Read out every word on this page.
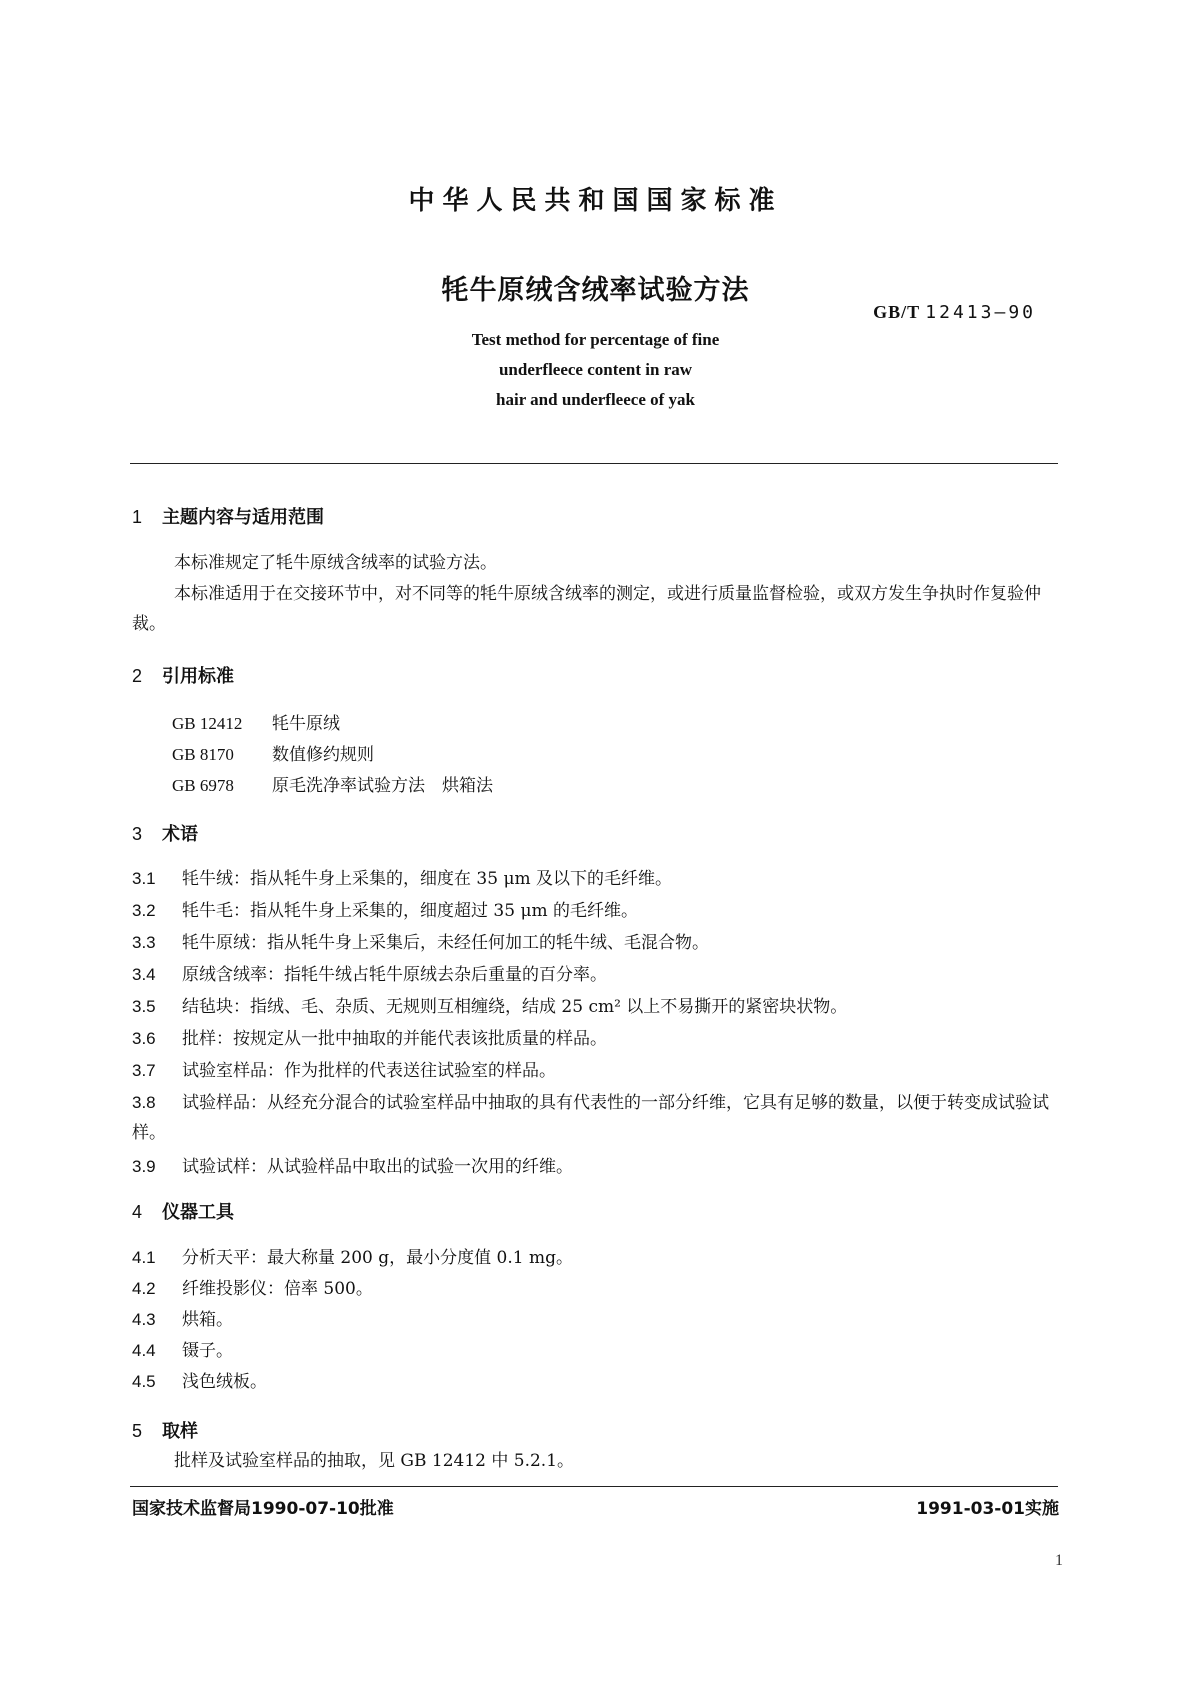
中华人民共和国国家标准
牦牛原绒含绒率试验方法
GB/T 12413—90
Test method for percentage of fine
underfleece content in raw
hair and underfleece of yak
1 主题内容与适用范围
本标准规定了牦牛原绒含绒率的试验方法。
本标准适用于在交接环节中，对不同等的牦牛原绒含绒率的测定，或进行质量监督检验，或双方发生争执时作复验仲裁。
2 引用标准
GB 12412 牦牛原绒
GB 8170 数值修约规则
GB 6978 原毛洗净率试验方法　烘箱法
3 术语
3.1 牦牛绒：指从牦牛身上采集的，细度在 35 μm 及以下的毛纤维。
3.2 牦牛毛：指从牦牛身上采集的，细度超过 35 μm 的毛纤维。
3.3 牦牛原绒：指从牦牛身上采集后，未经任何加工的牦牛绒、毛混合物。
3.4 原绒含绒率：指牦牛绒占牦牛原绒去杂后重量的百分率。
3.5 结毡块：指绒、毛、杂质、无规则互相缠绕，结成 25 cm² 以上不易撕开的紧密块状物。
3.6 批样：按规定从一批中抽取的并能代表该批质量的样品。
3.7 试验室样品：作为批样的代表送往试验室的样品。
3.8 试验样品：从经充分混合的试验室样品中抽取的具有代表性的一部分纤维，它具有足够的数量，以便于转变成试验试样。
3.9 试验试样：从试验样品中取出的试验一次用的纤维。
4 仪器工具
4.1 分析天平：最大称量 200 g，最小分度值 0.1 mg。
4.2 纤维投影仪：倍率 500。
4.3 烘箱。
4.4 镊子。
4.5 浅色绒板。
5 取样
批样及试验室样品的抽取，见 GB 12412 中 5.2.1。
国家技术监督局1990-07-10批准	1991-03-01实施
1
